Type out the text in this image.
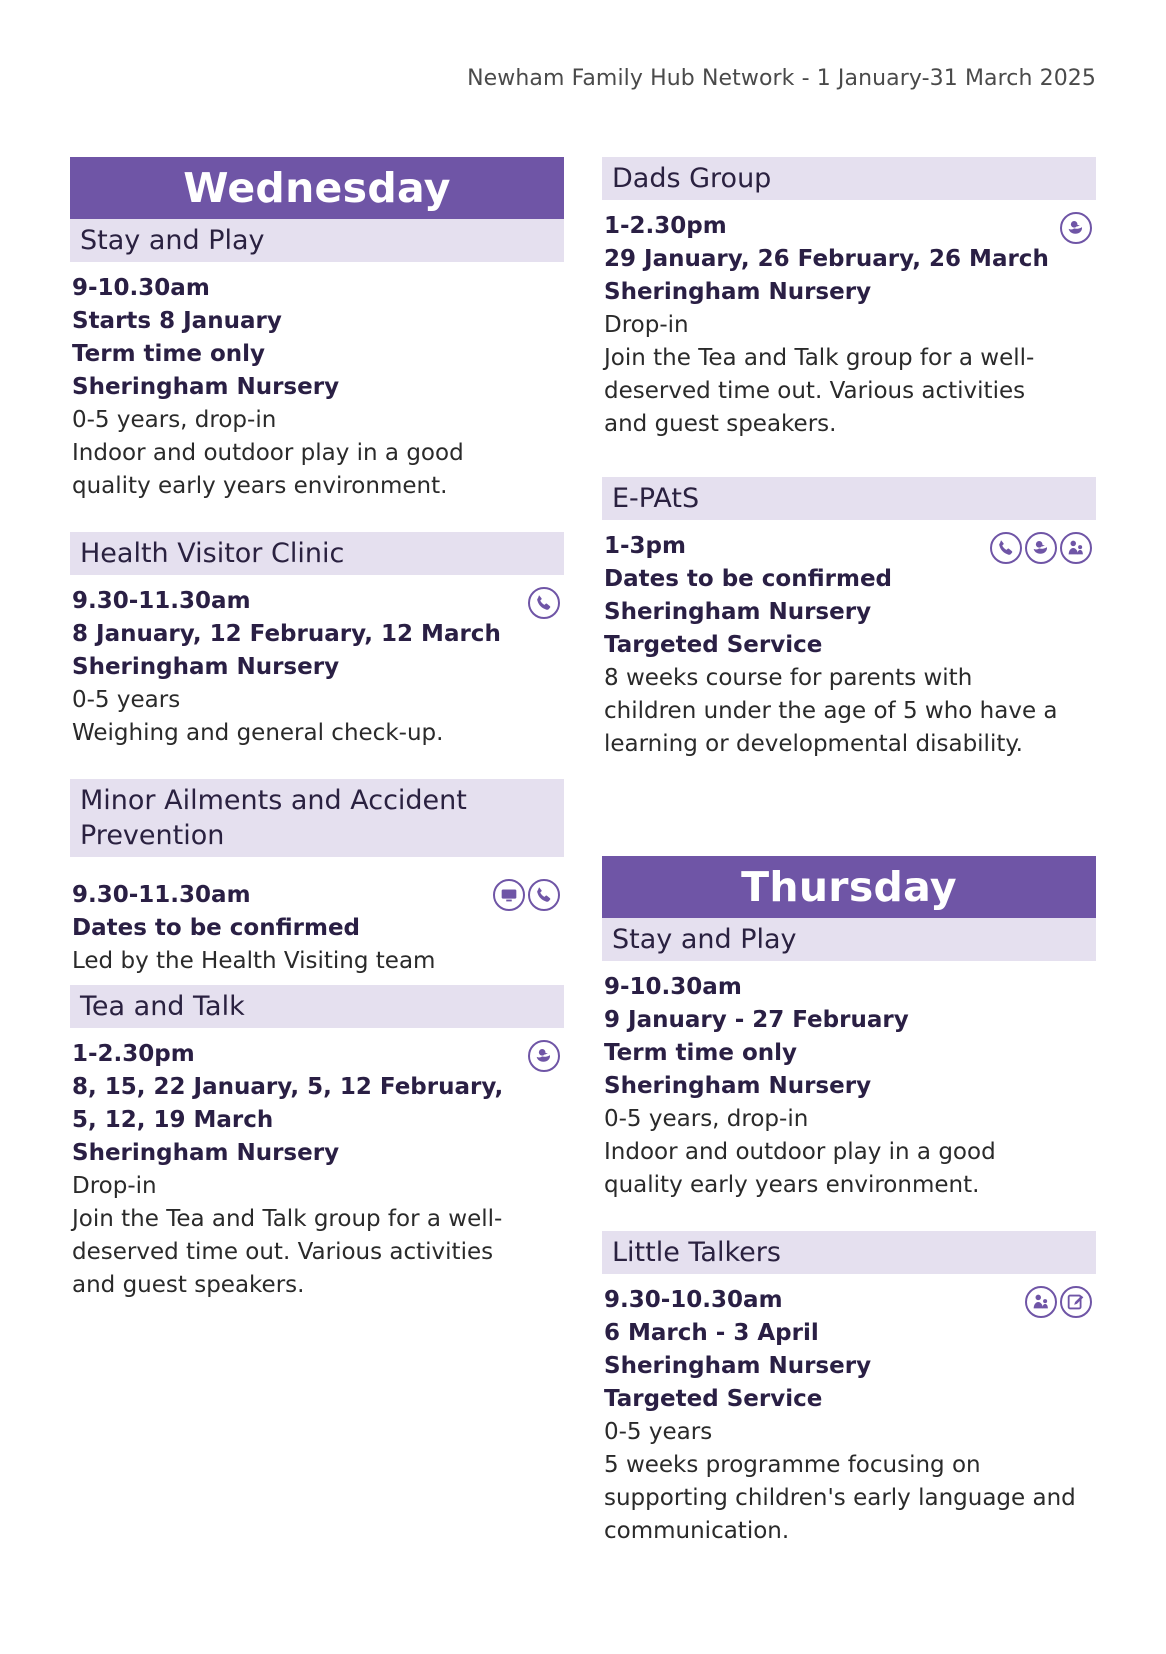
Newham Family Hub Network - 1 January-31 March 2025
Wednesday
Stay and Play
9-10.30am
Starts 8 January
Term time only
Sheringham Nursery
0-5 years, drop-in
Indoor and outdoor play in a good
quality early years environment.
Health Visitor Clinic
9.30-11.30am
8 January, 12 February, 12 March
Sheringham Nursery
0-5 years
Weighing and general check-up.
Minor Ailments and Accident
Prevention
9.30-11.30am
Dates to be confirmed
Led by the Health Visiting team
Tea and Talk
1-2.30pm
8, 15, 22 January, 5, 12 February,
5, 12, 19 March
Sheringham Nursery
Drop-in
Join the Tea and Talk group for a well-
deserved time out. Various activities
and guest speakers.
Dads Group
1-2.30pm
29 January, 26 February, 26 March
Sheringham Nursery
Drop-in
Join the Tea and Talk group for a well-
deserved time out. Various activities
and guest speakers.
E-PAtS
1-3pm
Dates to be confirmed
Sheringham Nursery
Targeted Service
8 weeks course for parents with
children under the age of 5 who have a
learning or developmental disability.
Thursday
Stay and Play
9-10.30am
9 January - 27 February
Term time only
Sheringham Nursery
0-5 years, drop-in
Indoor and outdoor play in a good
quality early years environment.
Little Talkers
9.30-10.30am
6 March - 3 April
Sheringham Nursery
Targeted Service
0-5 years
5 weeks programme focusing on
supporting children's early language and
communication.
